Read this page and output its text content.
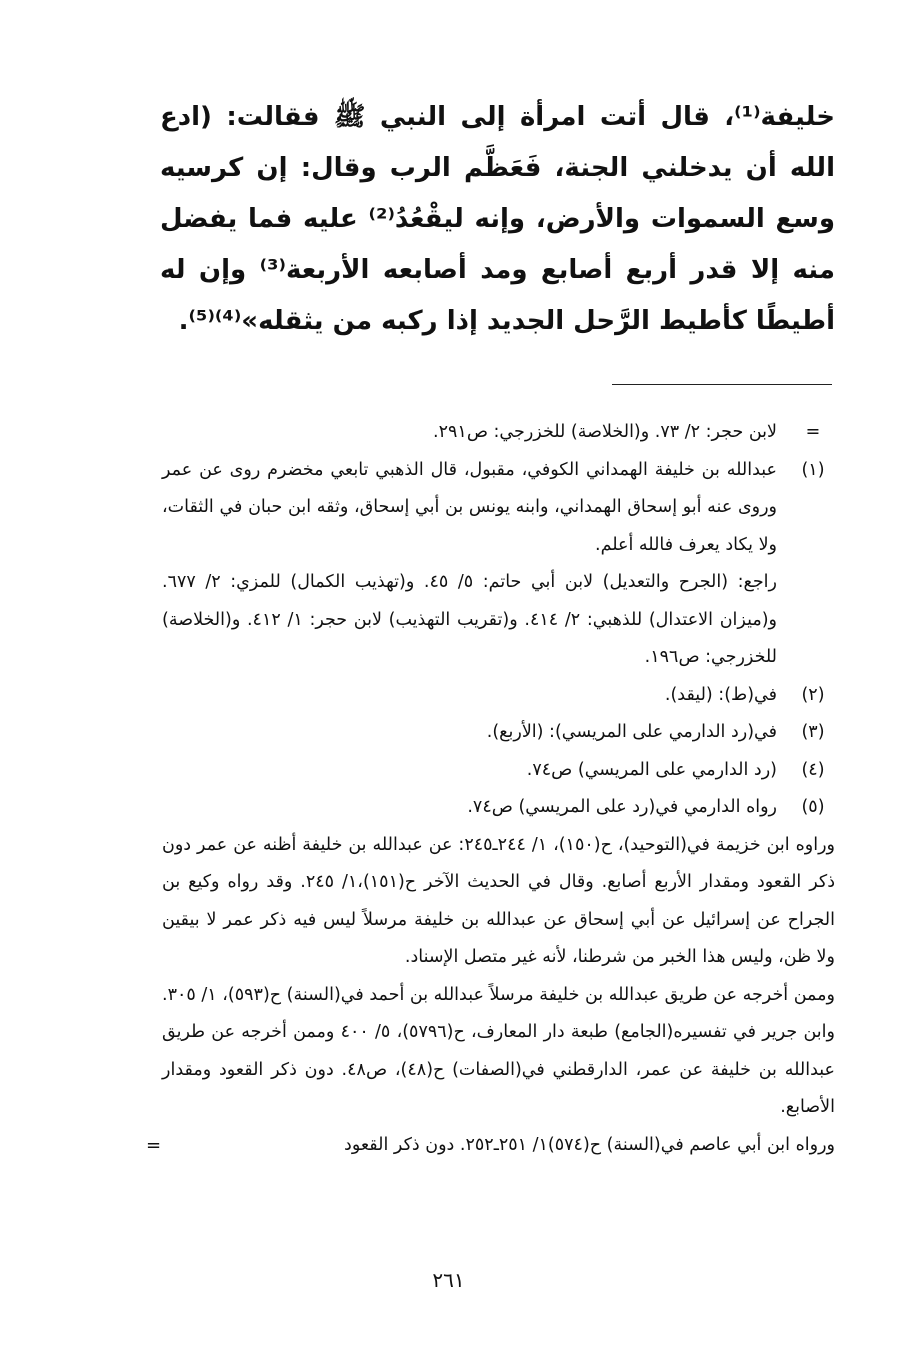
خليفة⁽¹⁾، قال أتت امرأة إلى النبي ﷺ فقالت: (ادع الله أن يدخلني الجنة، فَعَظَّم الرب وقال: إن كرسيه وسع السموات والأرض، وإنه ليقْعُدُ⁽²⁾ عليه فما يفضل منه إلا قدر أربع أصابع ومد أصابعه الأربعة⁽³⁾ وإن له أطيطًا كأطيط الرَّحل الجديد إذا ركبه من يثقله»⁽⁴⁾⁽⁵⁾.

=
لابن حجر: ٢/ ٧٣. و(الخلاصة) للخزرجي: ص٢٩١.
(١)
عبدالله بن خليفة الهمداني الكوفي، مقبول، قال الذهبي تابعي مخضرم روى عن عمر وروى عنه أبو إسحاق الهمداني، وابنه يونس بن أبي إسحاق، وثقه ابن حبان في الثقات، ولا يكاد يعرف فالله أعلم.
راجع: (الجرح والتعديل) لابن أبي حاتم: ٥/ ٤٥. و(تهذيب الكمال) للمزي: ٢/ ٦٧٧. و(ميزان الاعتدال) للذهبي: ٢/ ٤١٤. و(تقريب التهذيب) لابن حجر: ١/ ٤١٢. و(الخلاصة) للخزرجي: ص١٩٦.
(٢)
في(ط): (ليقد).
(٣)
في(رد الدارمي على المريسي): (الأربع).
(٤)
(رد الدارمي على المريسي) ص٧٤.
(٥)
رواه الدارمي في(رد على المريسي) ص٧٤.
وراوه ابن خزيمة في(التوحيد)، ح(١٥٠)، ١/ ٢٤٤ـ٢٤٥: عن عبدالله بن خليفة أظنه عن عمر دون ذكر القعود ومقدار الأربع أصابع. وقال في الحديث الآخر ح(١٥١)،١/ ٢٤٥. وقد رواه وكيع بن الجراح عن إسرائيل عن أبي إسحاق عن عبدالله بن خليفة مرسلاً ليس فيه ذكر عمر لا بيقين ولا ظن، وليس هذا الخبر من شرطنا، لأنه غير متصل الإسناد.
وممن أخرجه عن طريق عبدالله بن خليفة مرسلاً عبدالله بن أحمد في(السنة) ح(٥٩٣)، ١/ ٣٠٥. وابن جرير في تفسيره(الجامع) طبعة دار المعارف، ح(٥٧٩٦)، ٥/ ٤٠٠ وممن أخرجه عن طريق عبدالله بن خليفة عن عمر، الدارقطني في(الصفات) ح(٤٨)، ص٤٨. دون ذكر القعود ومقدار الأصابع.
ورواه ابن أبي عاصم في(السنة) ح(٥٧٤)١/ ٢٥١ـ٢٥٢. دون ذكر القعود
=
٢٦١
